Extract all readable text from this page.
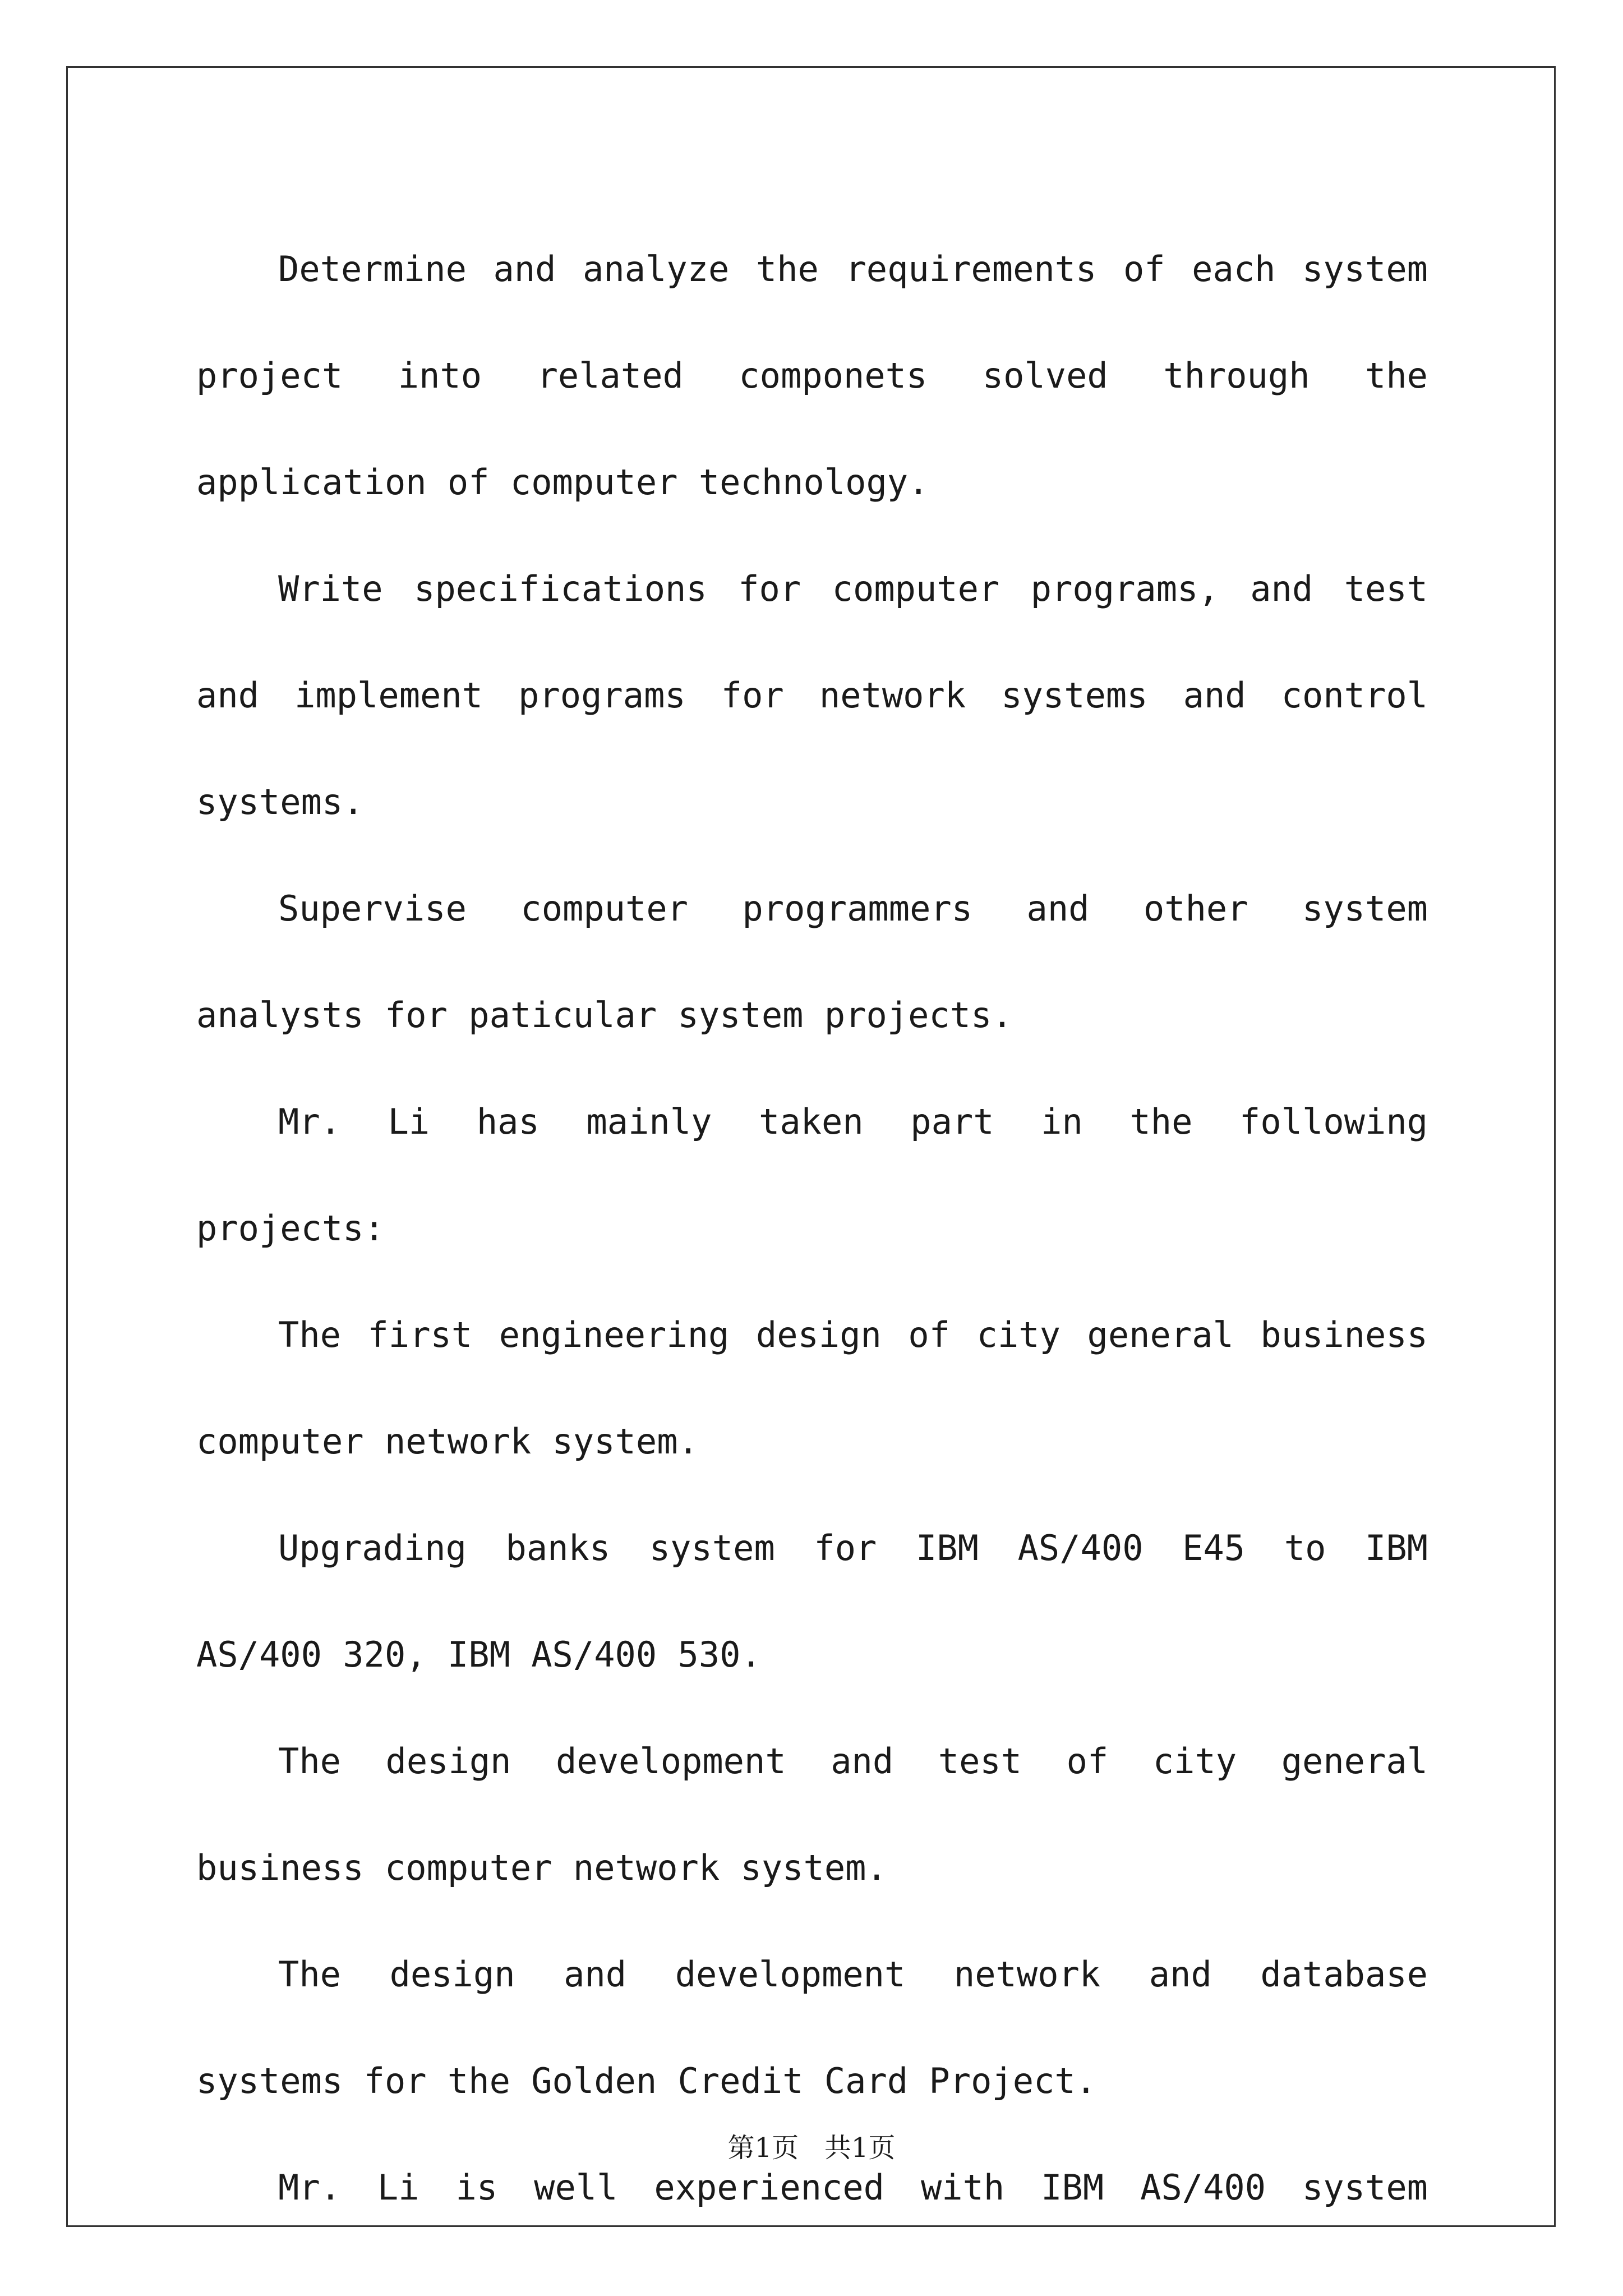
Determine and analyze the requirements of each system project into related componets solved through the application of computer technology.

Write specifications for computer programs, and test and implement programs for network systems and control systems.

Supervise computer programmers and other system analysts for paticular system projects.

Mr. Li has mainly taken part in the following projects:

The first engineering design of city general business computer network system.

Upgrading banks system for IBM AS/400 E45 to IBM AS/400 320, IBM AS/400 530.

The design development and test of city general business computer network system.

The design and development network and database systems for the Golden Credit Card Project.

Mr. Li is well experienced with IBM AS/400 system

第1页 共1页
